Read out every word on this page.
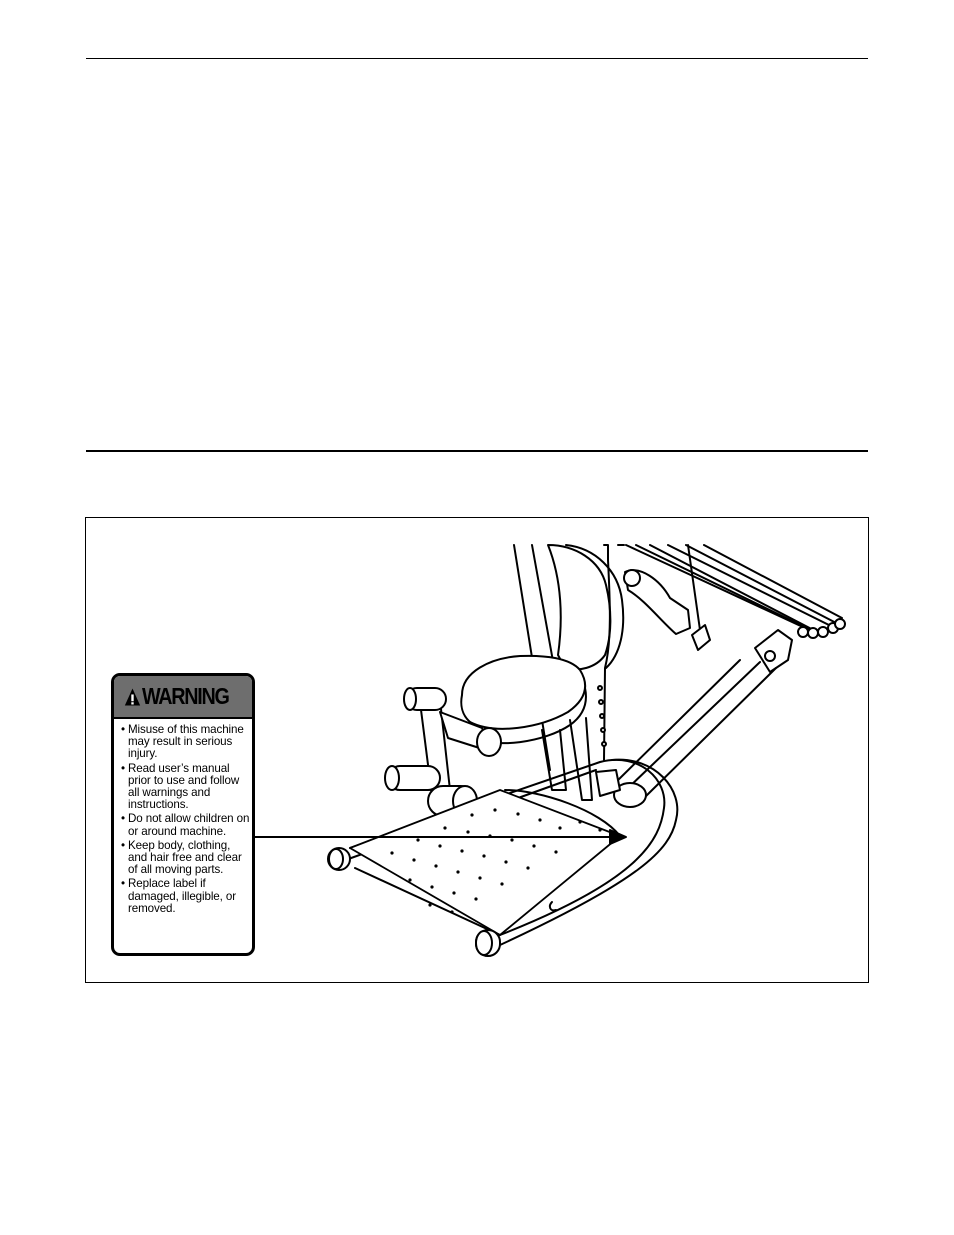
WARNING
• Misuse of this machine may result in serious injury.
• Read user’s manual prior to use and follow all warnings and instructions.
• Do not allow children on or around machine.
• Keep body, clothing, and hair free and clear of all moving parts.
• Replace label if damaged, illegible, or removed.
